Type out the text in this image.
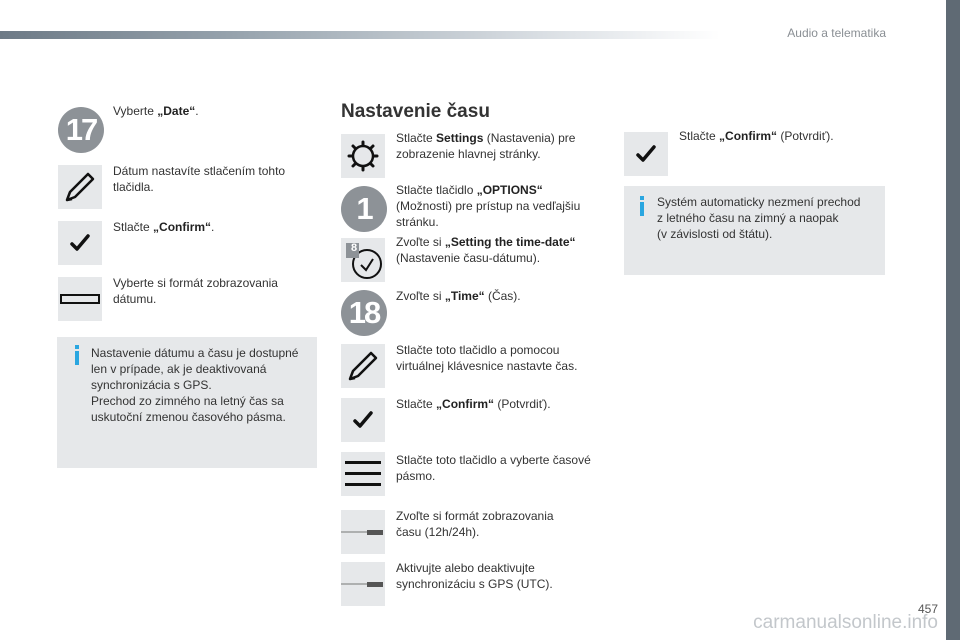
Audio a telematika
17
Vyberte „Date“.
Dátum nastavíte stlačením tohto tlačidla.
Stlačte „Confirm“.
Vyberte si formát zobrazovania dátumu.
Nastavenie dátumu a času je dostupné
len v prípade, ak je deaktivovaná
synchronizácia s GPS.
Prechod zo zimného na letný čas sa
uskutoční zmenou časového pásma.
Nastavenie času
Stlačte Settings (Nastavenia) pre zobrazenie hlavnej stránky.
1
Stlačte tlačidlo „OPTIONS“ (Možnosti) pre prístup na vedľajšiu stránku.
8	Zvoľte si „Setting the time-date“ (Nastavenie času-dátumu).
18	Zvoľte si „Time“ (Čas).
Stlačte toto tlačidlo a pomocou virtuálnej klávesnice nastavte čas.
Stlačte „Confirm“ (Potvrdiť).
Stlačte toto tlačidlo a vyberte časové pásmo.
Zvoľte si formát zobrazovania
času (12h/24h).
Aktivujte alebo deaktivujte
synchronizáciu s GPS (UTC).
Stlačte „Confirm“ (Potvrdiť).
Systém automaticky nezmení prechod
z letného času na zimný a naopak
(v závislosti od štátu).
carmanualsonline.info
457
